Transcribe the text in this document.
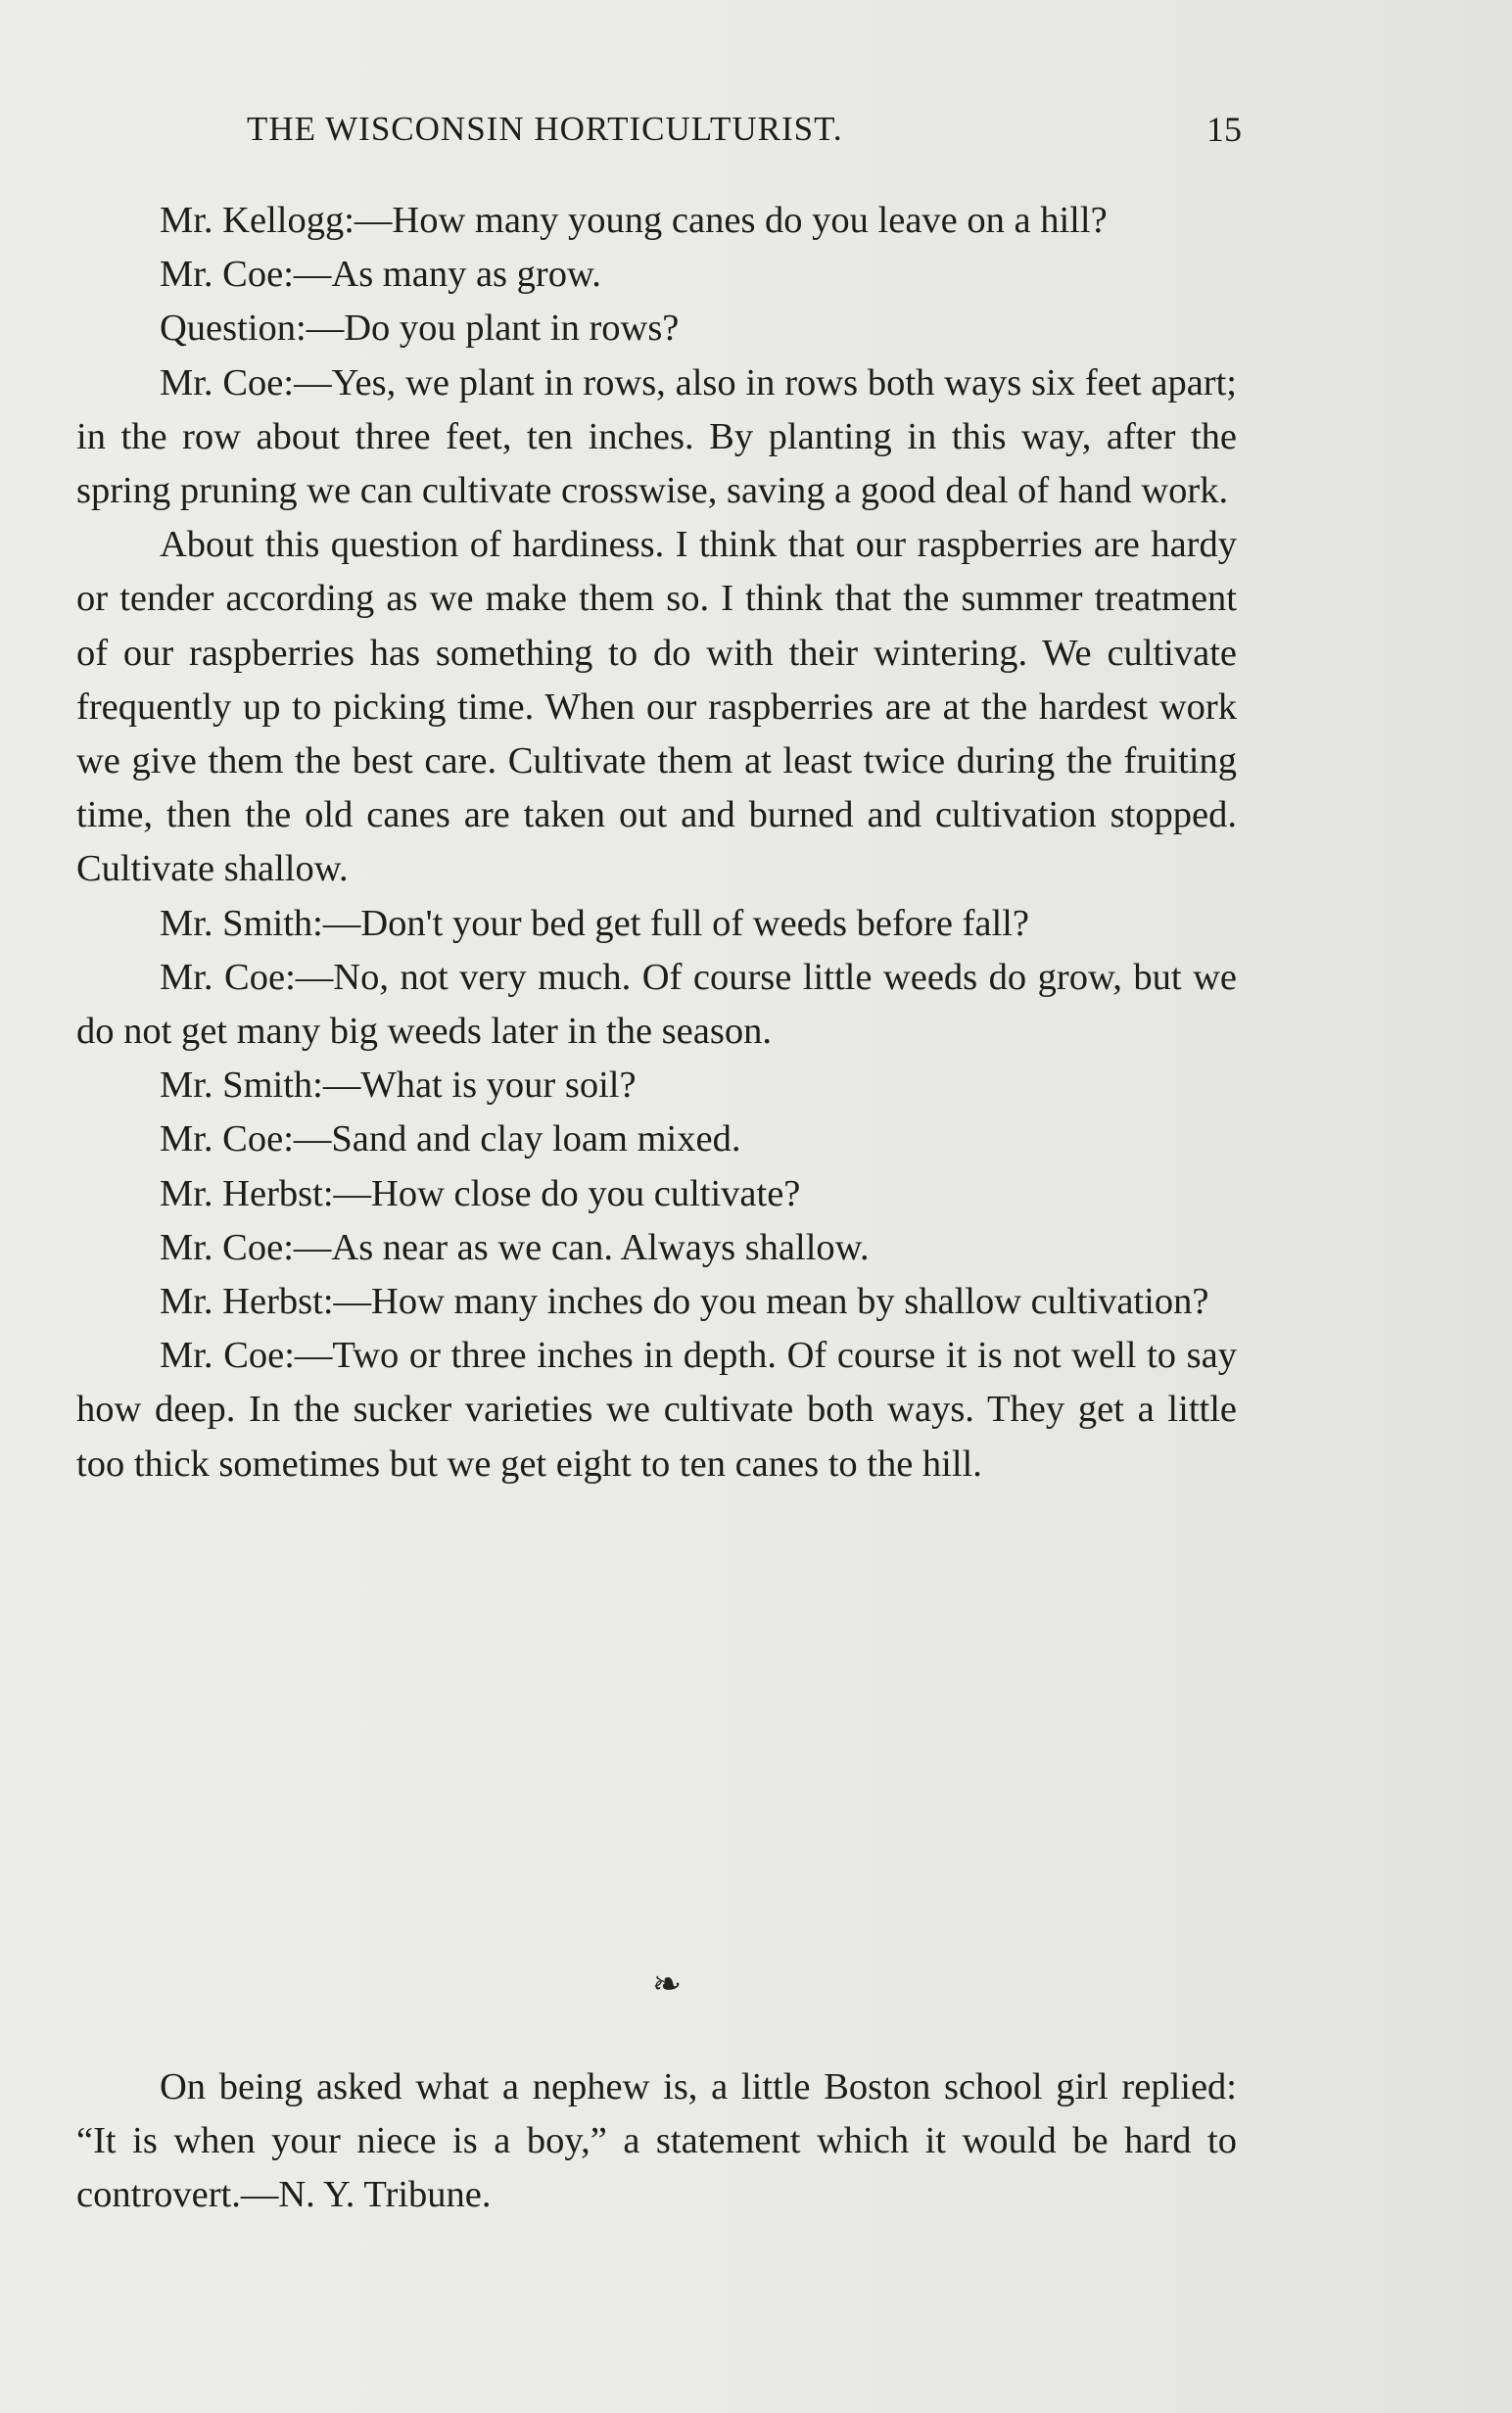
THE WISCONSIN HORTICULTURIST.	15

Mr. Kellogg:—How many young canes do you leave on a hill?

Mr. Coe:—As many as grow.

Question:—Do you plant in rows?

Mr. Coe:—Yes, we plant in rows, also in rows both ways six feet apart; in the row about three feet, ten inches. By planting in this way, after the spring pruning we can cultivate crosswise, saving a good deal of hand work.

About this question of hardiness. I think that our raspberries are hardy or tender according as we make them so. I think that the summer treatment of our raspberries has something to do with their wintering. We cultivate frequently up to picking time. When our raspberries are at the hardest work we give them the best care. Cultivate them at least twice during the fruiting time, then the old canes are taken out and burned and cultivation stopped. Cultivate shallow.

Mr. Smith:—Don't your bed get full of weeds before fall?

Mr. Coe:—No, not very much. Of course little weeds do grow, but we do not get many big weeds later in the season.

Mr. Smith:—What is your soil?

Mr. Coe:—Sand and clay loam mixed.

Mr. Herbst:—How close do you cultivate?

Mr. Coe:—As near as we can. Always shallow.

Mr. Herbst:—How many inches do you mean by shallow cultivation?

Mr. Coe:—Two or three inches in depth. Of course it is not well to say how deep. In the sucker varieties we cultivate both ways. They get a little too thick sometimes but we get eight to ten canes to the hill.

❧

On being asked what a nephew is, a little Boston school girl replied: “It is when your niece is a boy,” a statement which it would be hard to controvert.—N. Y. Tribune.
